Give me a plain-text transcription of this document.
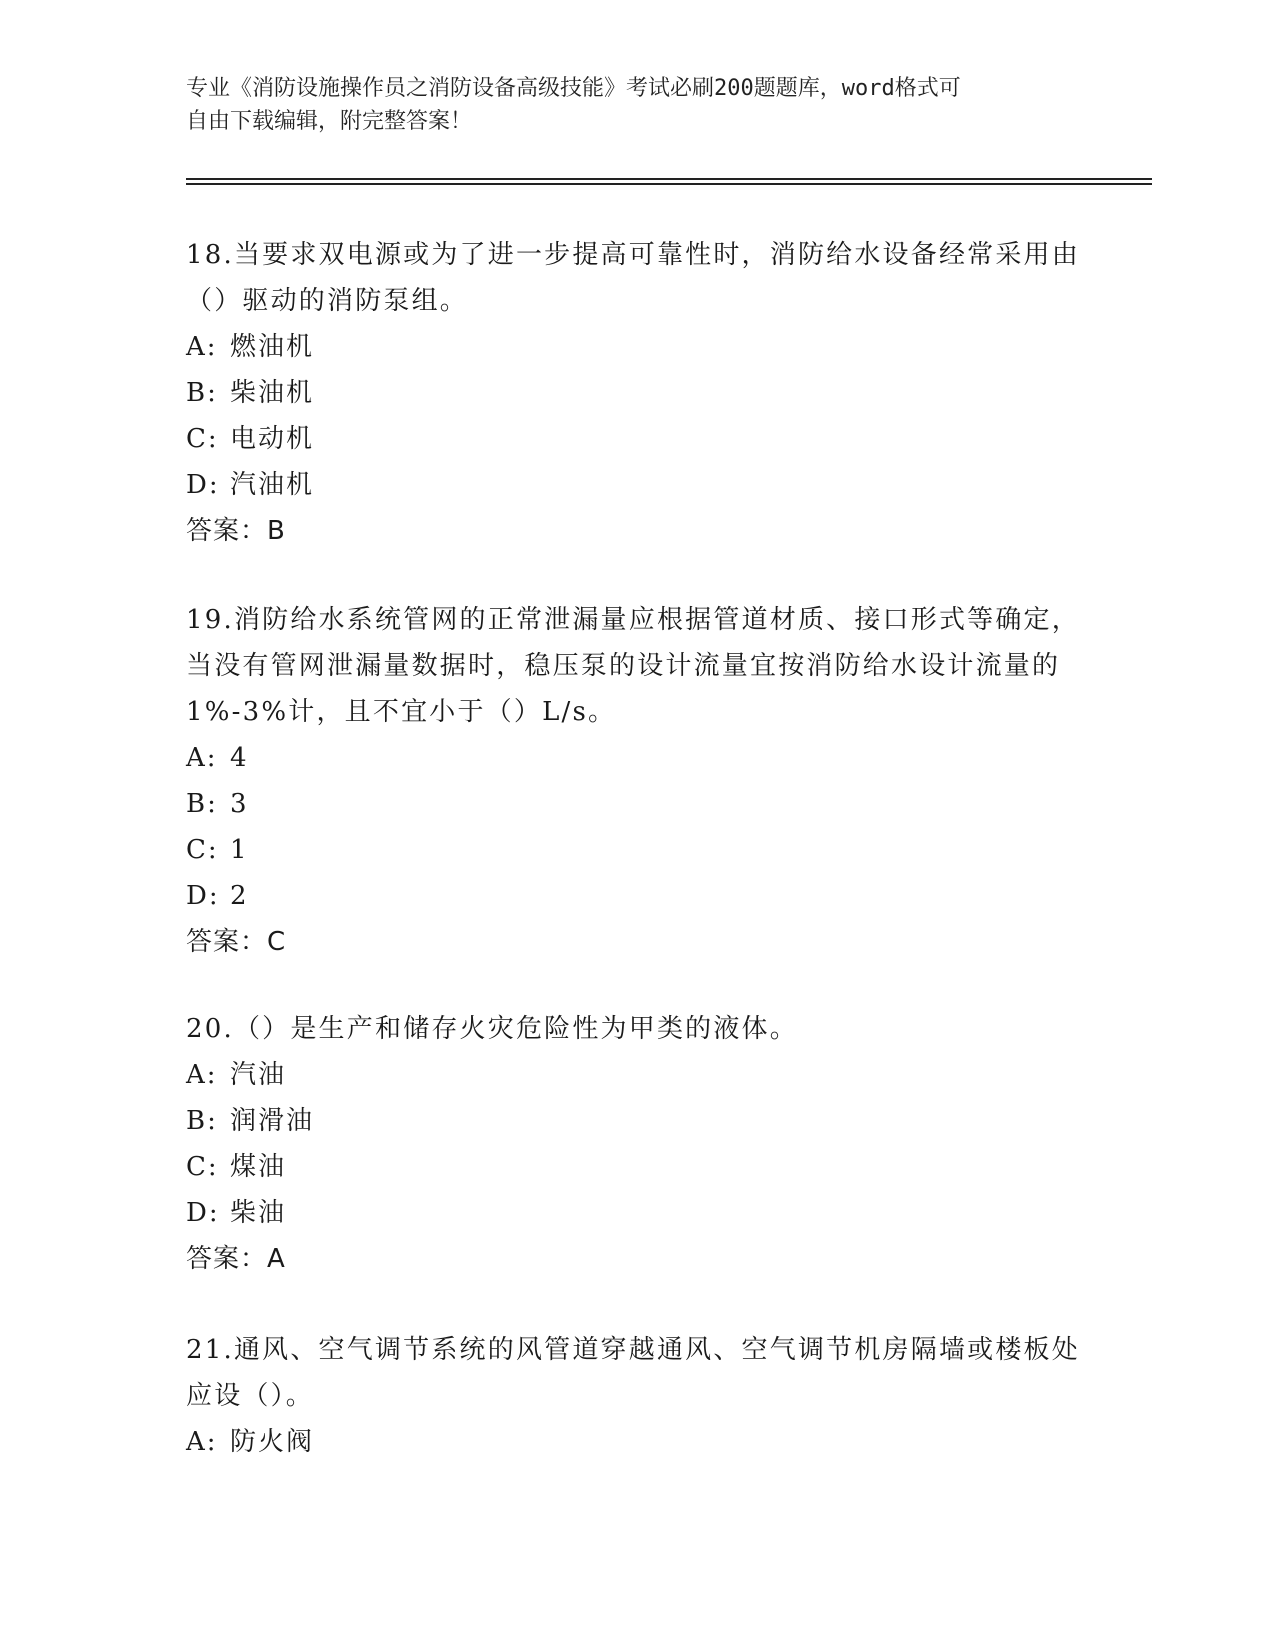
专业《消防设施操作员之消防设备高级技能》考试必刷200题题库，word格式可
自由下载编辑，附完整答案！
18.当要求双电源或为了进一步提高可靠性时，消防给水设备经常采用由（）驱动的消防泵组。
A: 燃油机
B: 柴油机
C: 电动机
D: 汽油机
答案：B
19.消防给水系统管网的正常泄漏量应根据管道材质、接口形式等确定，当没有管网泄漏量数据时，稳压泵的设计流量宜按消防给水设计流量的1%-3%计，且不宜小于（）L/s。
A: 4
B: 3
C: 1
D: 2
答案：C
20.（）是生产和储存火灾危险性为甲类的液体。
A: 汽油
B: 润滑油
C: 煤油
D: 柴油
答案：A
21.通风、空气调节系统的风管道穿越通风、空气调节机房隔墙或楼板处应设（）。
A: 防火阀
